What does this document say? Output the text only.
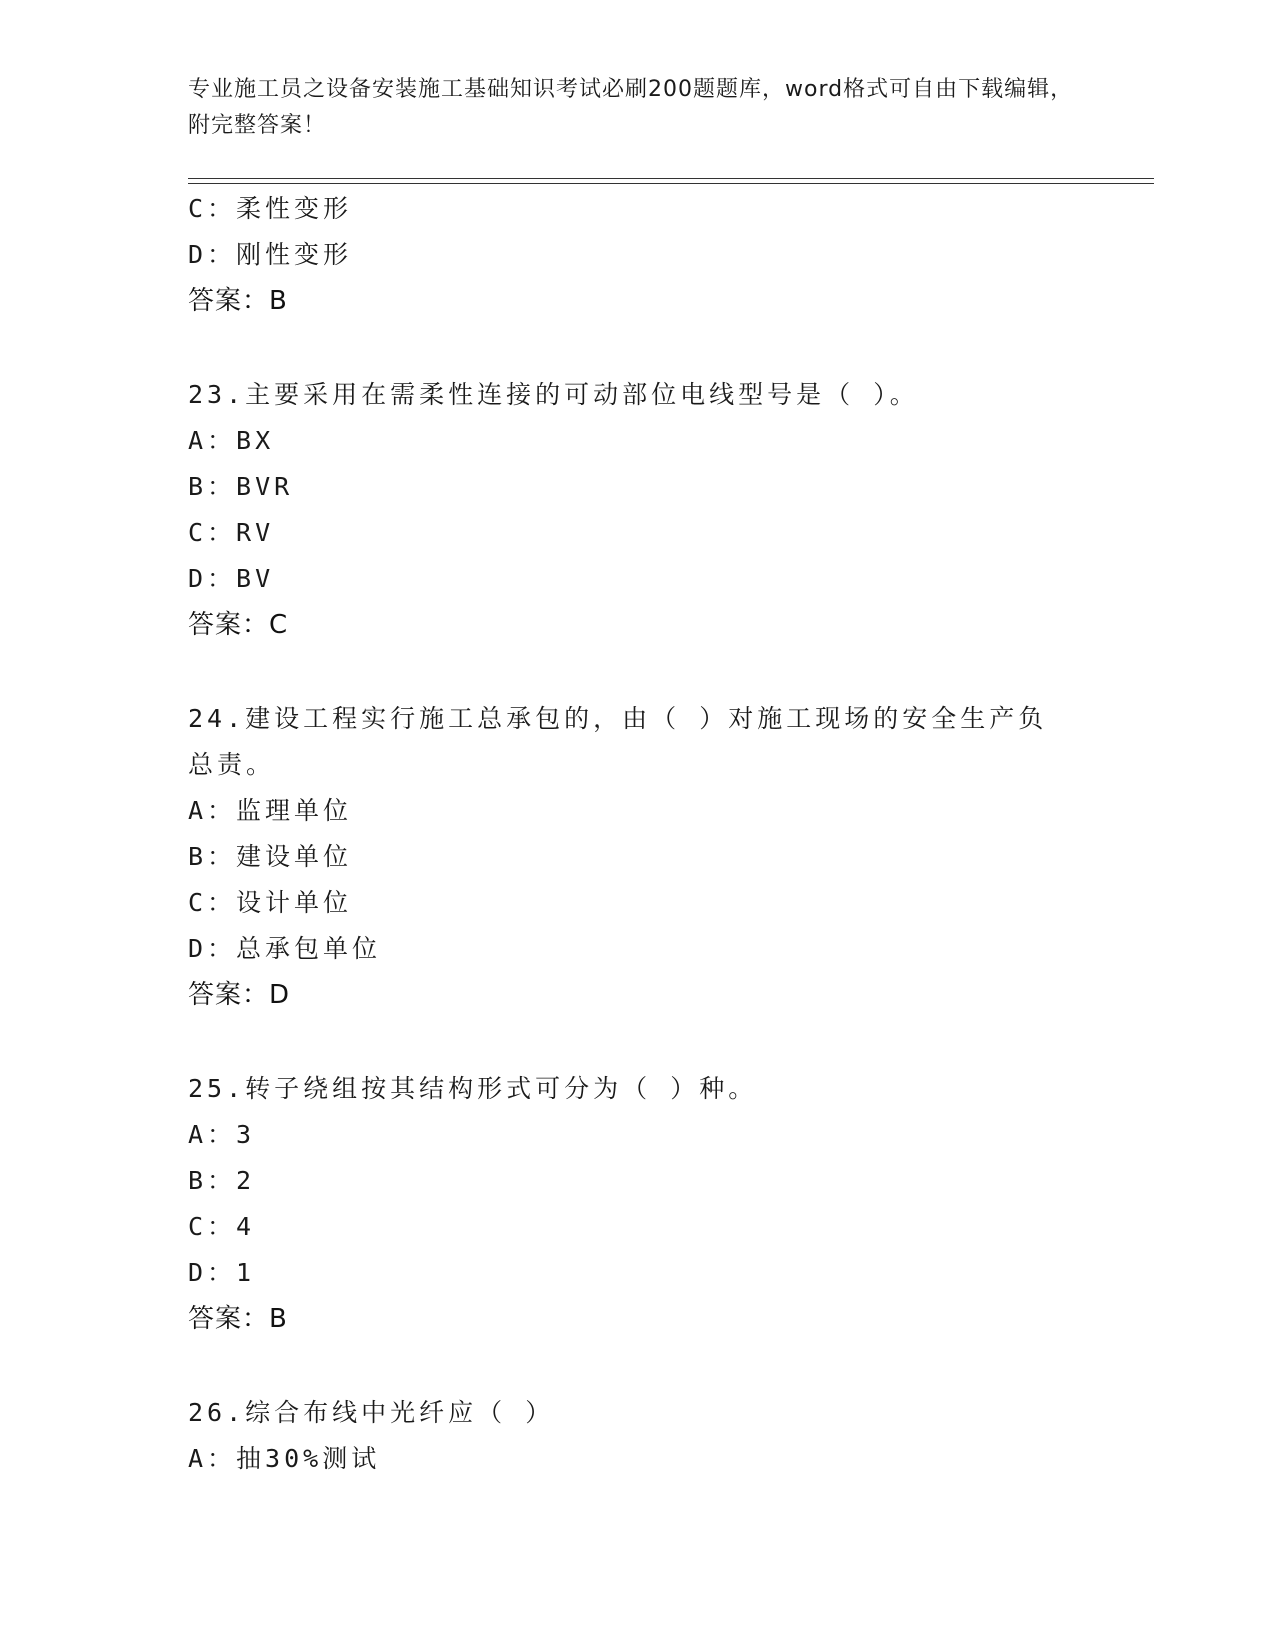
专业施工员之设备安装施工基础知识考试必刷200题题库，word格式可自由下载编辑，附完整答案！
C：柔性变形
D：刚性变形
答案：B
23.主要采用在需柔性连接的可动部位电线型号是（ ）。
A：BX
B：BVR
C：RV
D：BV
答案：C
24.建设工程实行施工总承包的，由（ ）对施工现场的安全生产负总责。
A：监理单位
B：建设单位
C：设计单位
D：总承包单位
答案：D
25.转子绕组按其结构形式可分为（ ）种。
A：3
B：2
C：4
D：1
答案：B
26.综合布线中光纤应（ ）
A：抽30%测试
